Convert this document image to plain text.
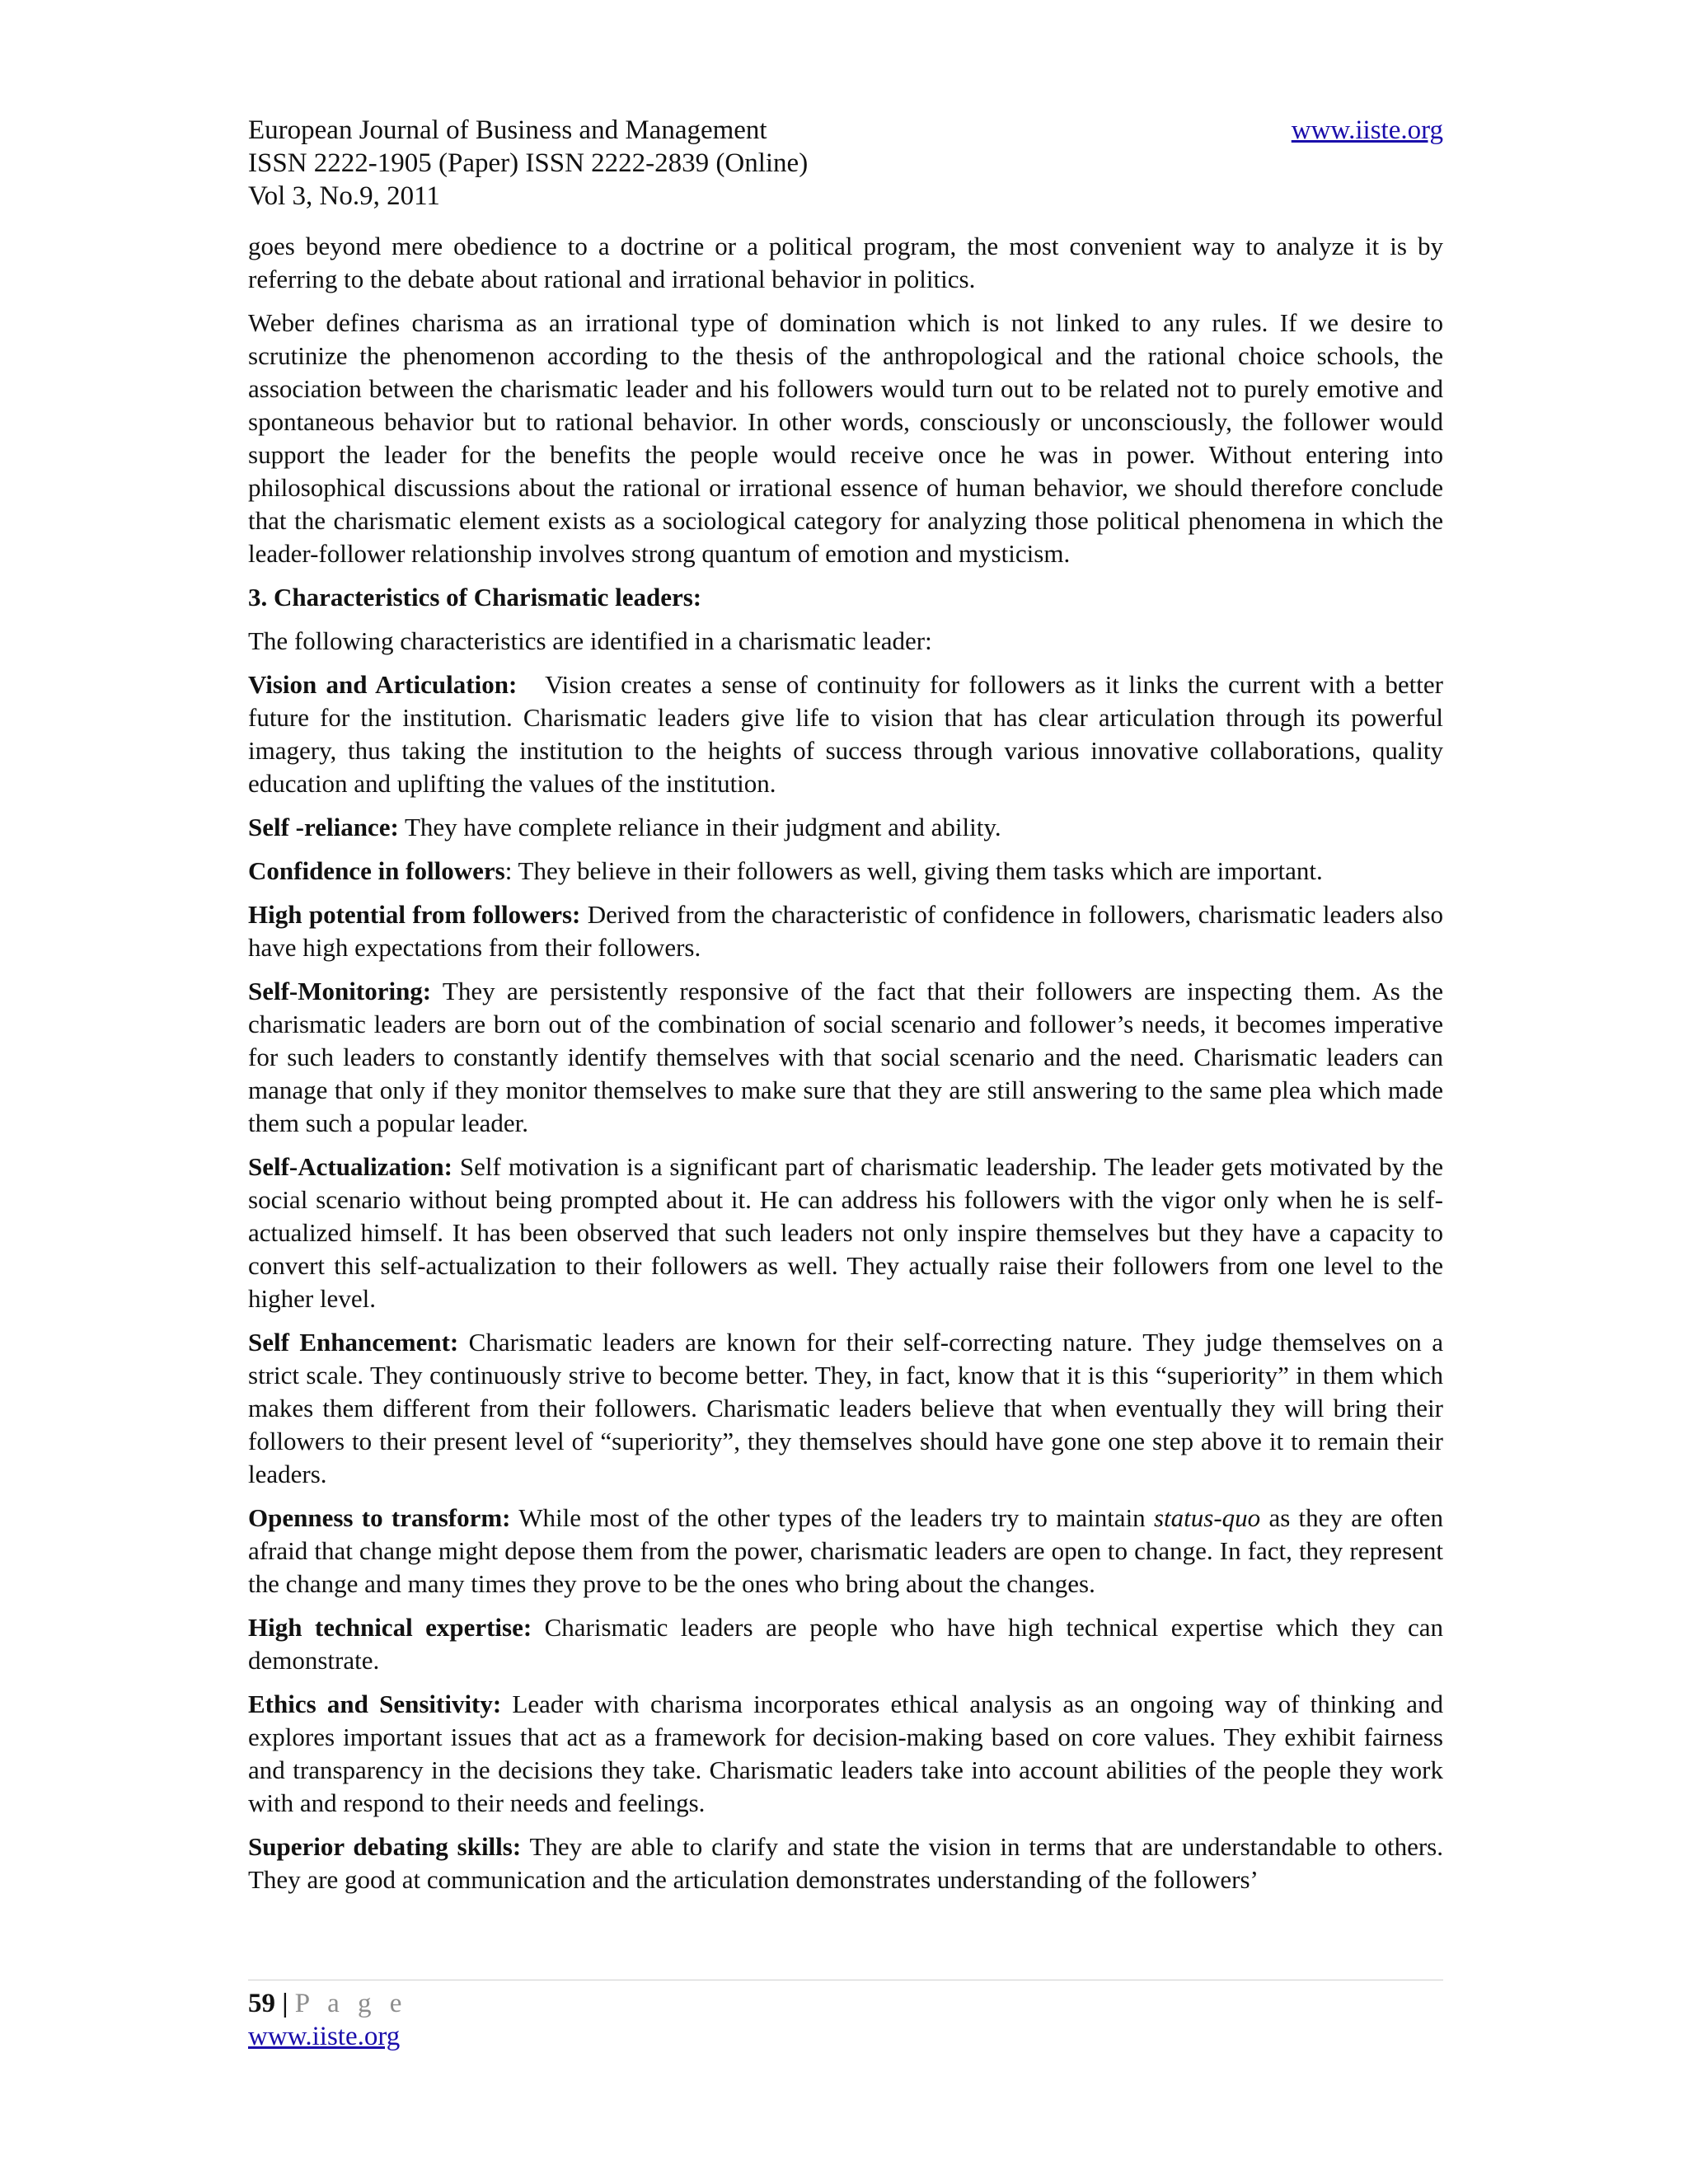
European Journal of Business and Management	www.iiste.org
ISSN 2222-1905 (Paper) ISSN 2222-2839 (Online)
Vol 3, No.9, 2011

goes beyond mere obedience to a doctrine or a political program, the most convenient way to analyze it is by referring to the debate about rational and irrational behavior in politics.

Weber defines charisma as an irrational type of domination which is not linked to any rules. If we desire to scrutinize the phenomenon according to the thesis of the anthropological and the rational choice schools, the association between the charismatic leader and his followers would turn out to be related not to purely emotive and spontaneous behavior but to rational behavior. In other words, consciously or unconsciously, the follower would support the leader for the benefits the people would receive once he was in power. Without entering into philosophical discussions about the rational or irrational essence of human behavior, we should therefore conclude that the charismatic element exists as a sociological category for analyzing those political phenomena in which the leader-follower relationship involves strong quantum of emotion and mysticism.

3. Characteristics of Charismatic leaders:

The following characteristics are identified in a charismatic leader:

Vision and Articulation:   Vision creates a sense of continuity for followers as it links the current with a better future for the institution. Charismatic leaders give life to vision that has clear articulation through its powerful imagery, thus taking the institution to the heights of success through various innovative collaborations, quality education and uplifting the values of the institution.

Self -reliance: They have complete reliance in their judgment and ability.

Confidence in followers: They believe in their followers as well, giving them tasks which are important.

High potential from followers: Derived from the characteristic of confidence in followers, charismatic leaders also have high expectations from their followers.

Self-Monitoring: They are persistently responsive of the fact that their followers are inspecting them. As the charismatic leaders are born out of the combination of social scenario and follower’s needs, it becomes imperative for such leaders to constantly identify themselves with that social scenario and the need. Charismatic leaders can manage that only if they monitor themselves to make sure that they are still answering to the same plea which made them such a popular leader.

Self-Actualization: Self motivation is a significant part of charismatic leadership. The leader gets motivated by the social scenario without being prompted about it. He can address his followers with the vigor only when he is self-actualized himself. It has been observed that such leaders not only inspire themselves but they have a capacity to convert this self-actualization to their followers as well. They actually raise their followers from one level to the higher level.

Self Enhancement: Charismatic leaders are known for their self-correcting nature. They judge themselves on a strict scale. They continuously strive to become better. They, in fact, know that it is this “superiority” in them which makes them different from their followers. Charismatic leaders believe that when eventually they will bring their followers to their present level of “superiority”, they themselves should have gone one step above it to remain their leaders.

Openness to transform: While most of the other types of the leaders try to maintain status-quo as they are often afraid that change might depose them from the power, charismatic leaders are open to change. In fact, they represent the change and many times they prove to be the ones who bring about the changes.

High technical expertise: Charismatic leaders are people who have high technical expertise which they can demonstrate.

Ethics and Sensitivity: Leader with charisma incorporates ethical analysis as an ongoing way of thinking and explores important issues that act as a framework for decision-making based on core values. They exhibit fairness and transparency in the decisions they take. Charismatic leaders take into account abilities of the people they work with and respond to their needs and feelings.

Superior debating skills: They are able to clarify and state the vision in terms that are understandable to others. They are good at communication and the articulation demonstrates understanding of the followers’

59 | P a g e
www.iiste.org
